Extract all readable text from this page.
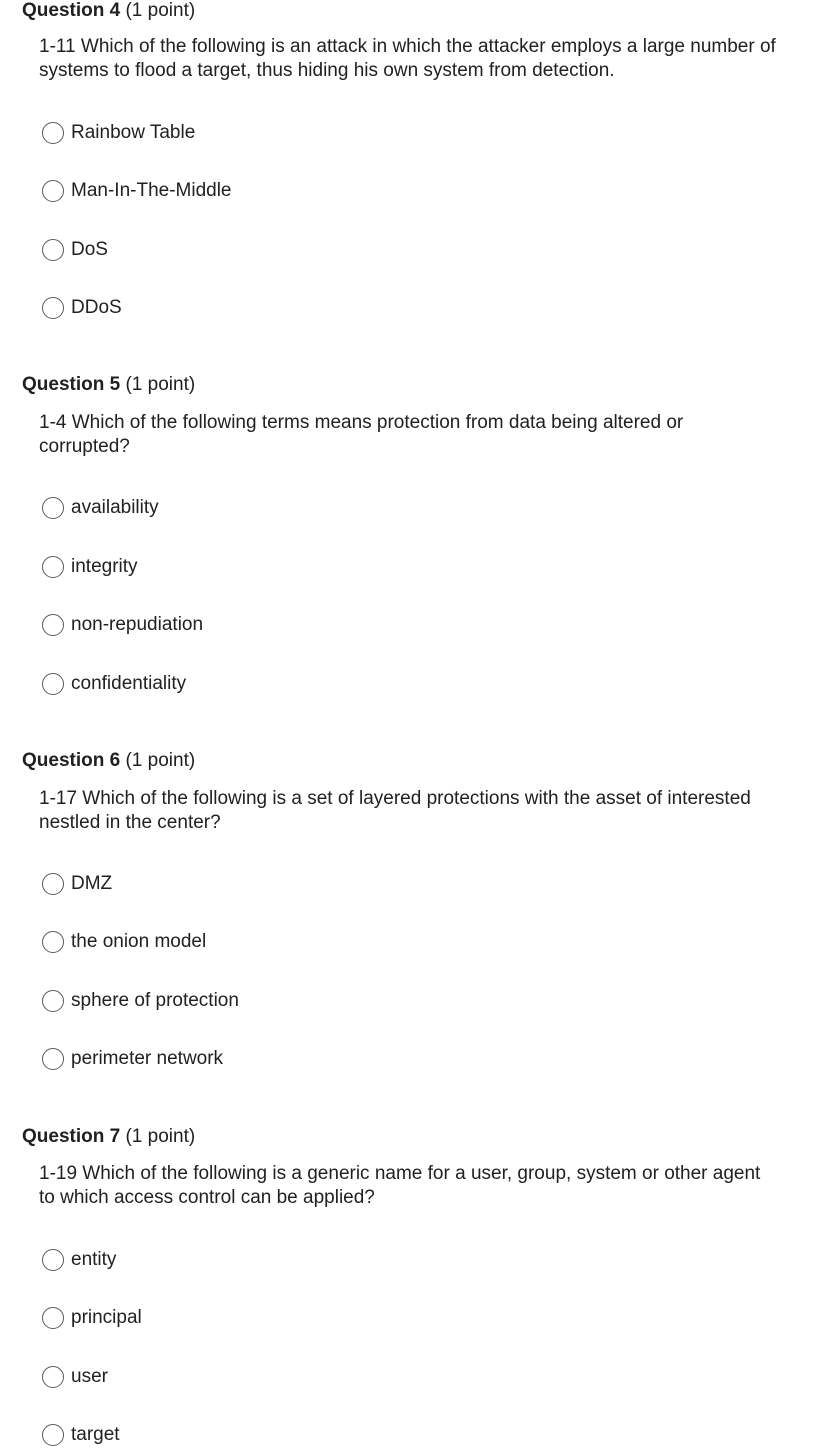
Question 4 (1 point)
1-11 Which of the following is an attack in which the attacker employs a large number of systems to flood a target, thus hiding his own system from detection.
Rainbow Table
Man-In-The-Middle
DoS
DDoS
Question 5 (1 point)
1-4 Which of the following terms means protection from data being altered or corrupted?
availability
integrity
non-repudiation
confidentiality
Question 6 (1 point)
1-17 Which of the following is a set of layered protections with the asset of interested nestled in the center?
DMZ
the onion model
sphere of protection
perimeter network
Question 7 (1 point)
1-19 Which of the following is a generic name for a user, group, system or other agent to which access control can be applied?
entity
principal
user
target
